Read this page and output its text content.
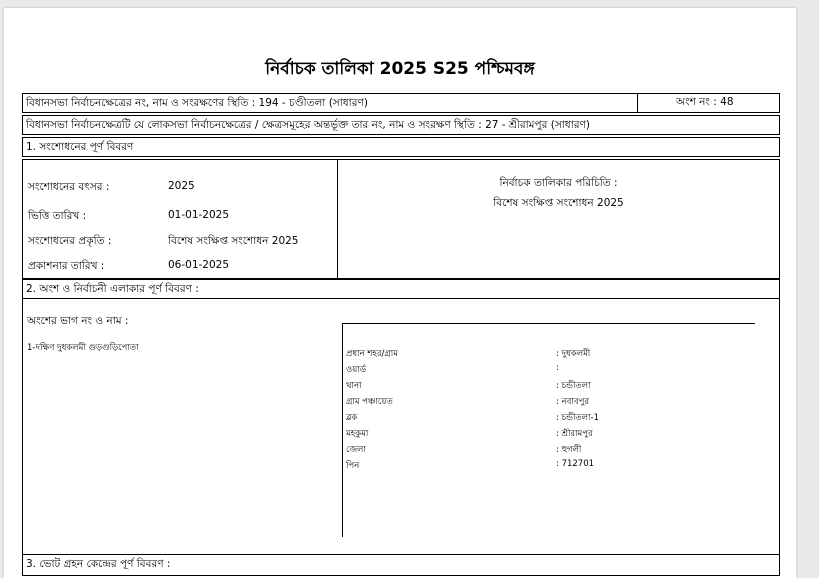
নির্বাচক তালিকা 2025 S25 পশ্চিমবঙ্গ
বিধানসভা নির্বাচনক্ষেত্রের নং, নাম ও সংরক্ষণের স্থিতি : 194 - চণ্ডীতলা (সাধারণ)	অংশ নং : 48
বিধানসভা নির্বাচনক্ষেত্রটি যে লোকসভা নির্বাচনক্ষেত্রের / ক্ষেত্রসমূহের অন্তর্ভূক্ত তার নং, নাম ও সংরক্ষণ স্থিতি : 27 - শ্রীরামপুর (সাধারণ)
1. সংশোধনের পূর্ণ বিবরণ
সংশোধনের বৎসর :	2025
ভিত্তি তারিখ :	01-01-2025
সংশোধনের প্রকৃতি :	বিশেষ সংক্ষিপ্ত সংশোধন 2025
প্রকাশনার তারিখ :	06-01-2025
নির্বাচক তালিকার পরিচিতি :
বিশেষ সংক্ষিপ্ত সংশোধন 2025
2. অংশ ও নির্বাচনী এলাকার পূর্ণ বিবরণ :
অংশের ভাগ নং ও নাম :
1-দক্ষিণ দুধকলমী গুড়গুড়িপোতা
প্রধান শহর/গ্রাম	: দুধকলমী
ওয়ার্ড	:
থানা	: চন্ডীতলা
গ্রাম পঞ্চায়েত	: নবাবপুর
ব্লক	: চন্ডীতলা-1
মহকুমা	: শ্রীরামপুর
জেলা	: হুগলী
পিন	: 712701
3. ভোট গ্রহন কেন্দ্রের পূর্ণ বিবরণ :
